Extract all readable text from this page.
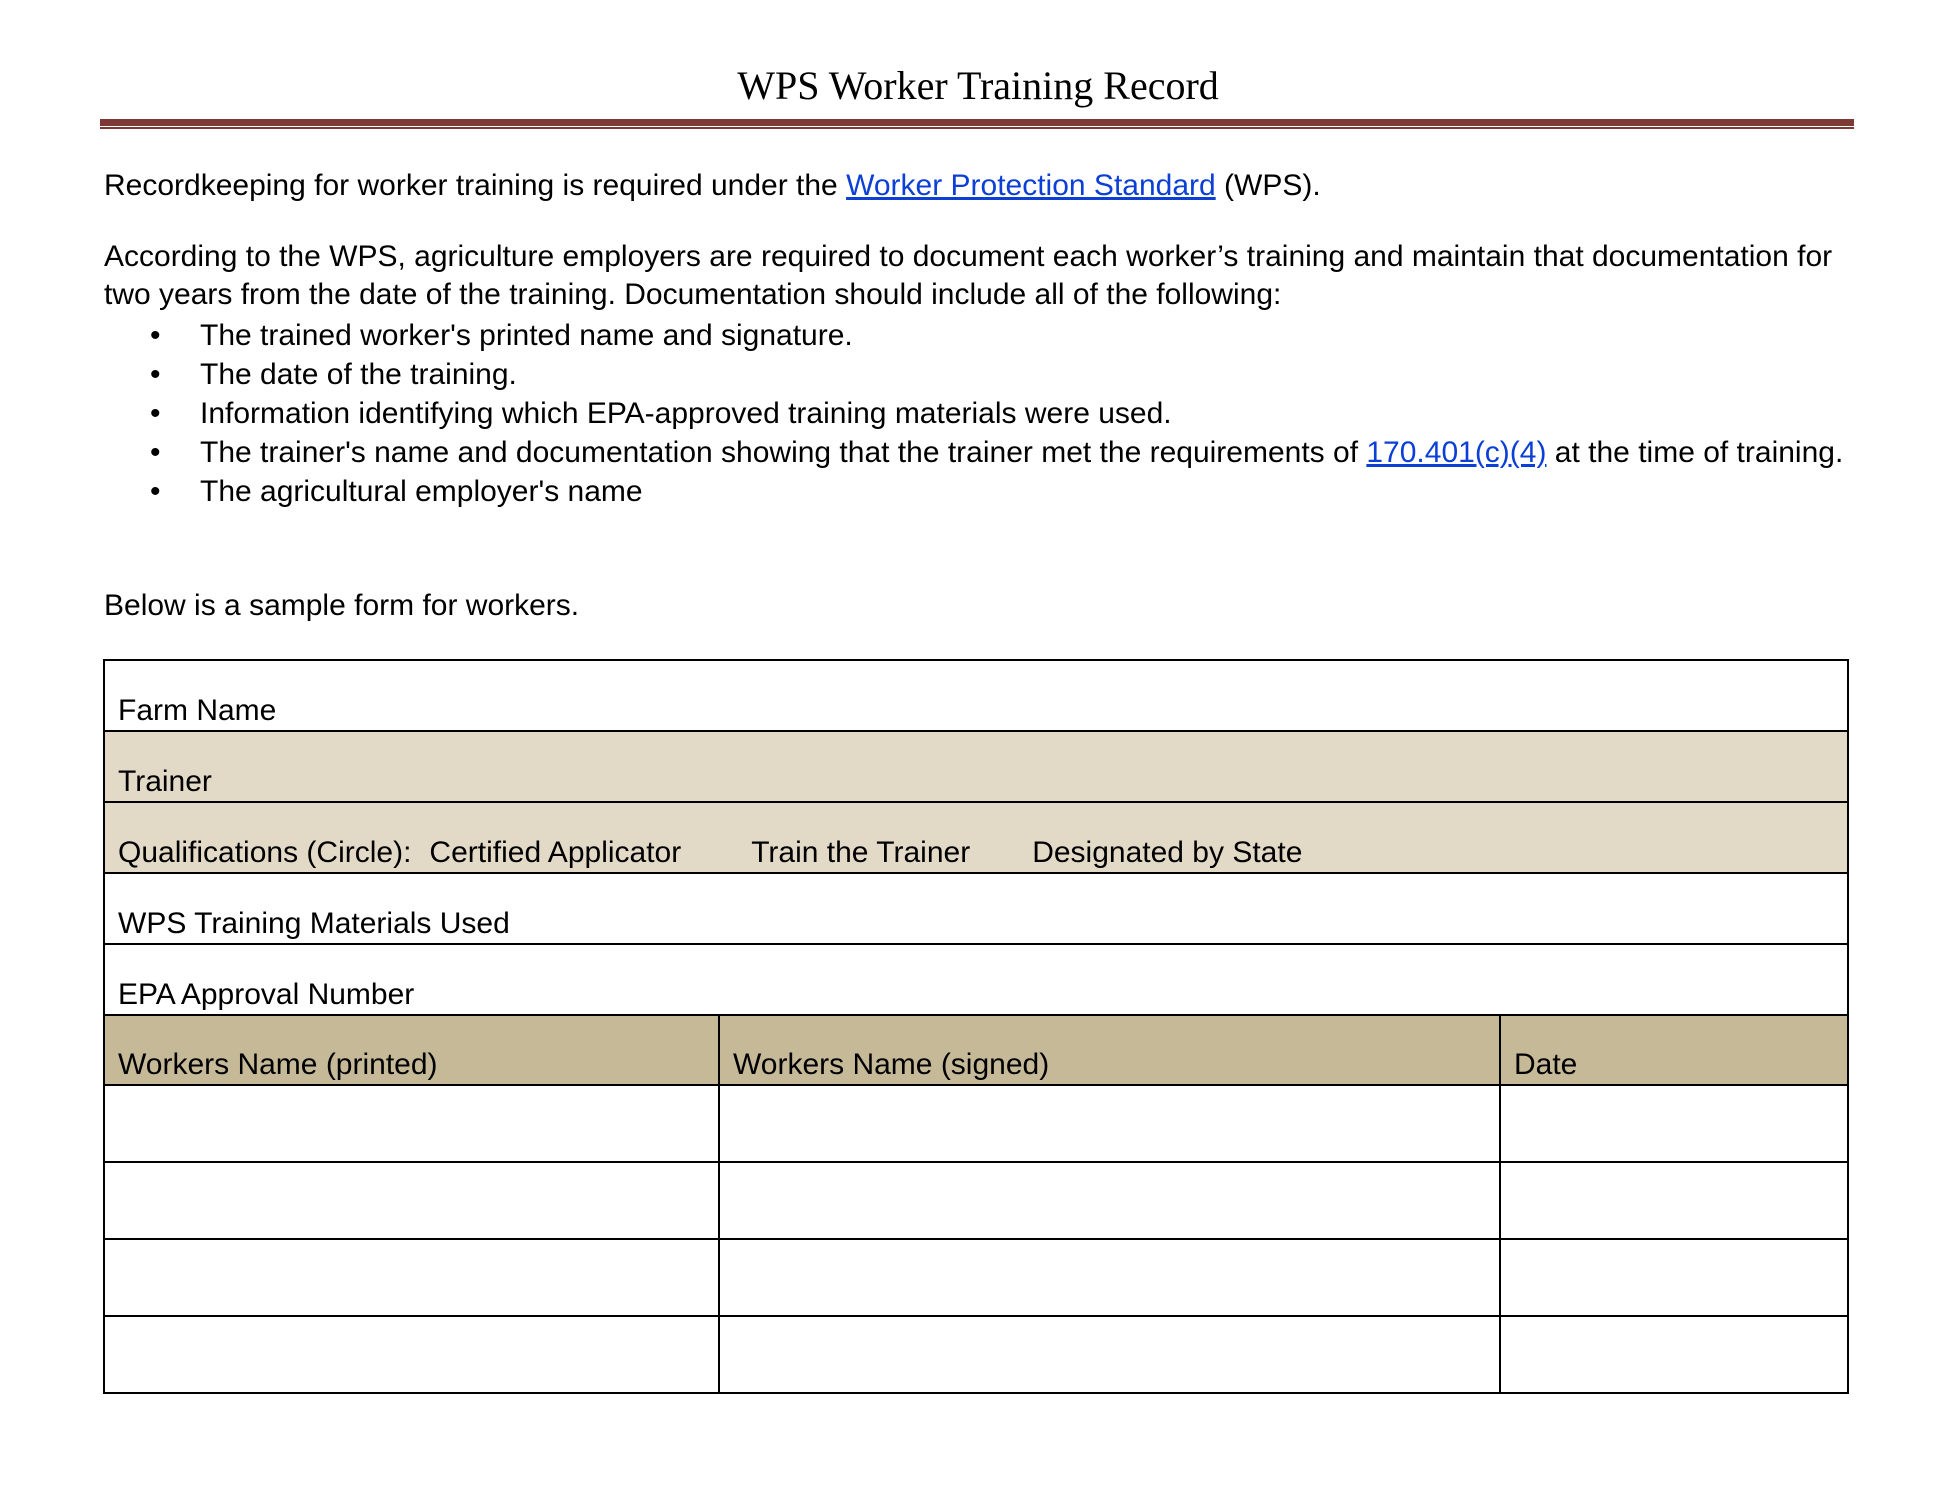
WPS Worker Training Record

Recordkeeping for worker training is required under the Worker Protection Standard (WPS).

According to the WPS, agriculture employers are required to document each worker’s training and maintain that documentation for two years from the date of the training. Documentation should include all of the following:

• The trained worker's printed name and signature.
• The date of the training.
• Information identifying which EPA-approved training materials were used.
• The trainer's name and documentation showing that the trainer met the requirements of 170.401(c)(4) at the time of training.
• The agricultural employer's name

Below is a sample form for workers.

Farm Name
Trainer
Qualifications (Circle): Certified Applicator Train the Trainer Designated by State
WPS Training Materials Used
EPA Approval Number
Workers Name (printed)	Workers Name (signed)	Date
